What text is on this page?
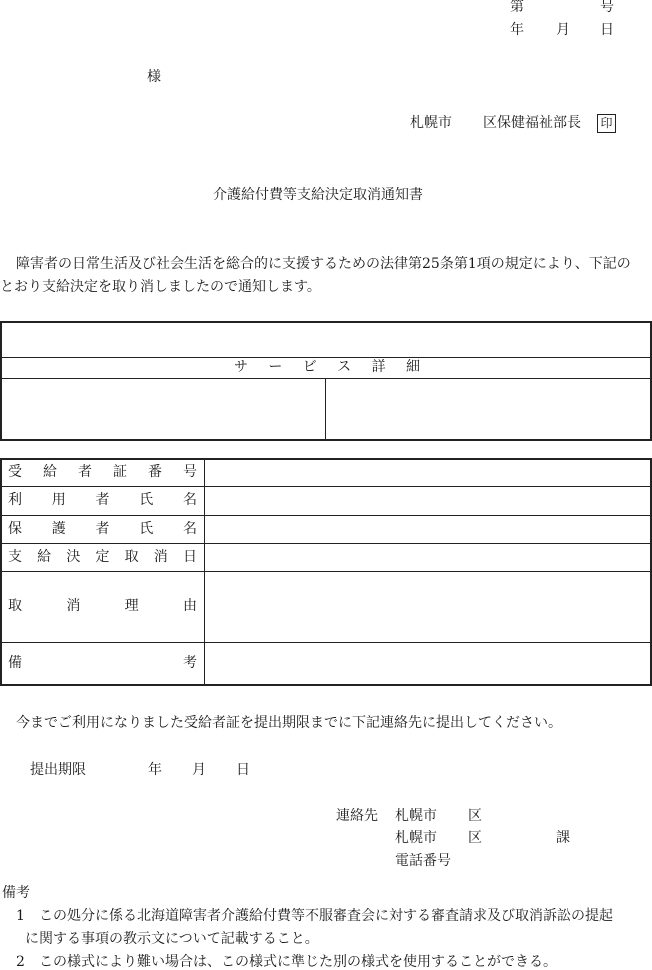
第	号
年 月 日
様
札幌市 区保健福祉部長 印
介護給付費等支給決定取消通知書
障害者の日常生活及び社会生活を総合的に支援するための法律第25条第1項の規定により、下記の
とおり支給決定を取り消しましたので通知します。
サ ー ビ ス 詳 細
受 給 者 証 番 号
利 用 者 氏 名
保 護 者 氏 名
支 給 決 定 取 消 日
取	消	理	由
備	考
今までご利用になりました受給者証を提出期限までに下記連絡先に提出してください。
提出期限	年 月 日
連絡先 札幌市 区
札幌市 区	課
電話番号
備考
1 この処分に係る北海道障害者介護給付費等不服審査会に対する審査請求及び取消訴訟の提起
に関する事項の教示文について記載すること。
2 この様式により難い場合は、この様式に準じた別の様式を使用することができる。
